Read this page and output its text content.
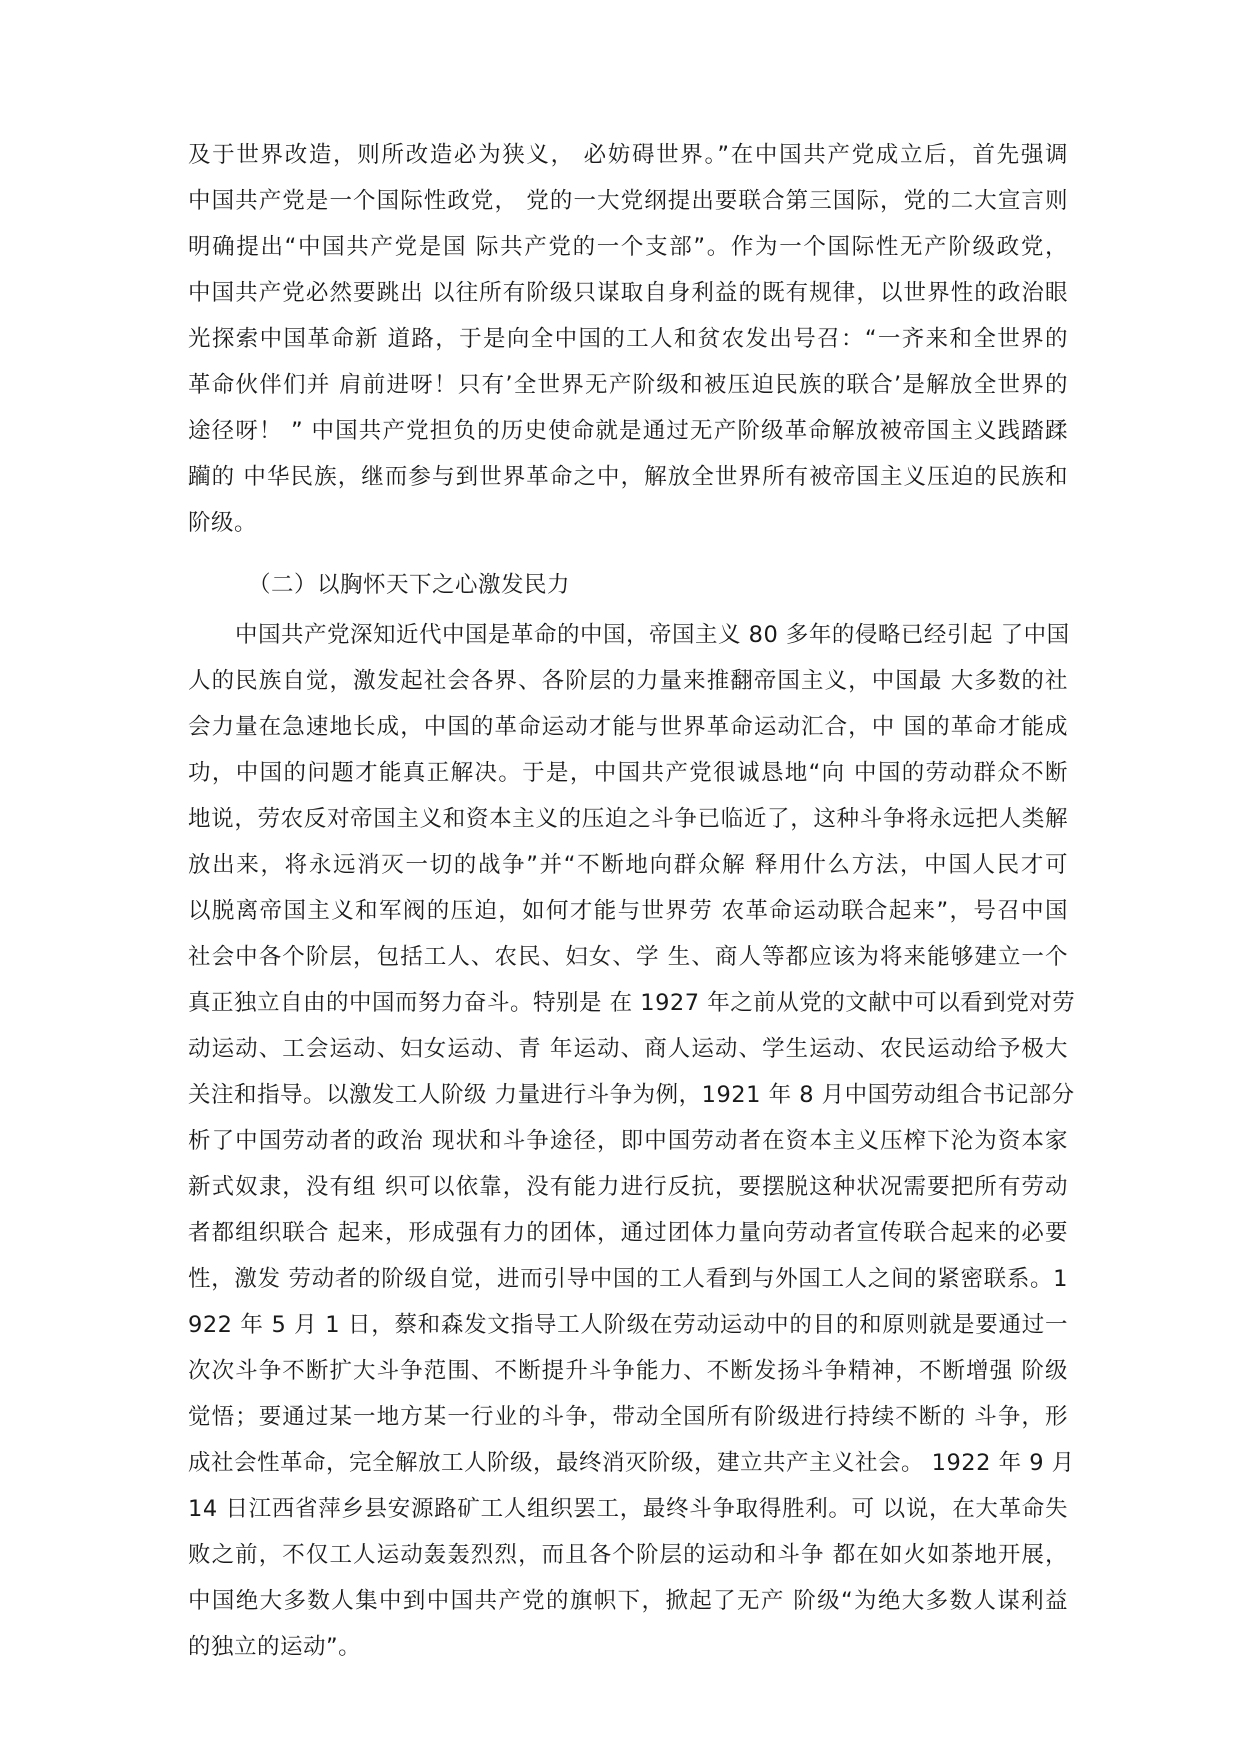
及于世界改造，则所改造必为狭义， 必妨碍世界。”在中国共产党成立后，首先强调
中国共产党是一个国际性政党， 党的一大党纲提出要联合第三国际，党的二大宣言则
明确提出“中国共产党是国 际共产党的一个支部”。作为一个国际性无产阶级政党，
中国共产党必然要跳出 以往所有阶级只谋取自身利益的既有规律，以世界性的政治眼
光探索中国革命新 道路，于是向全中国的工人和贫农发出号召：“一齐来和全世界的
革命伙伴们并 肩前进呀！只有’全世界无产阶级和被压迫民族的联合’是解放全世界的
途径呀！ ” 中国共产党担负的历史使命就是通过无产阶级革命解放被帝国主义践踏蹂
躏的 中华民族，继而参与到世界革命之中，解放全世界所有被帝国主义压迫的民族和
阶级。
（二）以胸怀天下之心激发民力
中国共产党深知近代中国是革命的中国，帝国主义 80 多年的侵略已经引起 了中国
人的民族自觉，激发起社会各界、各阶层的力量来推翻帝国主义，中国最 大多数的社
会力量在急速地长成，中国的革命运动才能与世界革命运动汇合，中 国的革命才能成
功，中国的问题才能真正解决。于是，中国共产党很诚恳地“向 中国的劳动群众不断
地说，劳农反对帝国主义和资本主义的压迫之斗争已临近了，这种斗争将永远把人类解
放出来，将永远消灭一切的战争”并“不断地向群众解 释用什么方法，中国人民才可
以脱离帝国主义和军阀的压迫，如何才能与世界劳 农革命运动联合起来”，号召中国
社会中各个阶层，包括工人、农民、妇女、学 生、商人等都应该为将来能够建立一个
真正独立自由的中国而努力奋斗。特别是 在 1927 年之前从党的文献中可以看到党对劳
动运动、工会运动、妇女运动、青 年运动、商人运动、学生运动、农民运动给予极大
关注和指导。以激发工人阶级 力量进行斗争为例，1921 年 8 月中国劳动组合书记部分
析了中国劳动者的政治 现状和斗争途径，即中国劳动者在资本主义压榨下沦为资本家
新式奴隶，没有组 织可以依靠，没有能力进行反抗，要摆脱这种状况需要把所有劳动
者都组织联合 起来，形成强有力的团体，通过团体力量向劳动者宣传联合起来的必要
性，激发 劳动者的阶级自觉，进而引导中国的工人看到与外国工人之间的紧密联系。1
922 年 5 月 1 日，蔡和森发文指导工人阶级在劳动运动中的目的和原则就是要通过一
次次斗争不断扩大斗争范围、不断提升斗争能力、不断发扬斗争精神，不断增强 阶级
觉悟；要通过某一地方某一行业的斗争，带动全国所有阶级进行持续不断的 斗争，形
成社会性革命，完全解放工人阶级，最终消灭阶级，建立共产主义社会。 1922 年 9 月
14 日江西省萍乡县安源路矿工人组织罢工，最终斗争取得胜利。可 以说，在大革命失
败之前，不仅工人运动轰轰烈烈，而且各个阶层的运动和斗争 都在如火如荼地开展，
中国绝大多数人集中到中国共产党的旗帜下，掀起了无产 阶级“为绝大多数人谋利益
的独立的运动”。
